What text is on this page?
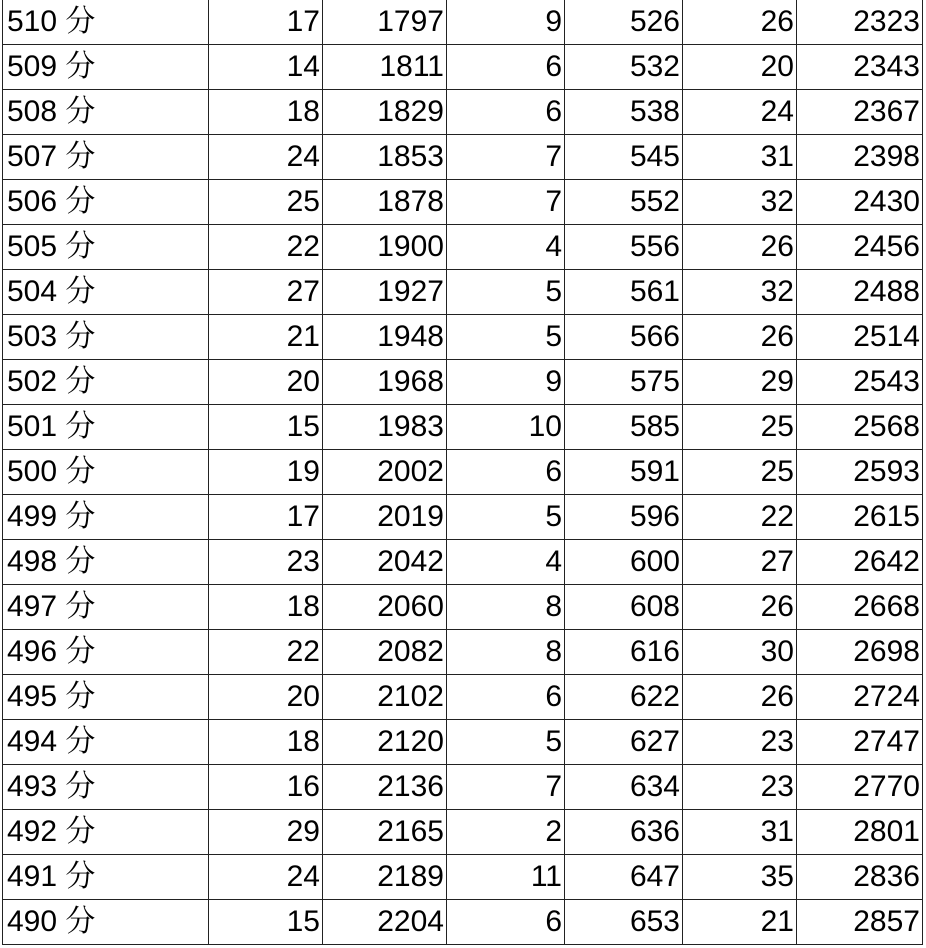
510 分	17	1797	9	526	26	2323
509 分	14	1811	6	532	20	2343
508 分	18	1829	6	538	24	2367
507 分	24	1853	7	545	31	2398
506 分	25	1878	7	552	32	2430
505 分	22	1900	4	556	26	2456
504 分	27	1927	5	561	32	2488
503 分	21	1948	5	566	26	2514
502 分	20	1968	9	575	29	2543
501 分	15	1983	10	585	25	2568
500 分	19	2002	6	591	25	2593
499 分	17	2019	5	596	22	2615
498 分	23	2042	4	600	27	2642
497 分	18	2060	8	608	26	2668
496 分	22	2082	8	616	30	2698
495 分	20	2102	6	622	26	2724
494 分	18	2120	5	627	23	2747
493 分	16	2136	7	634	23	2770
492 分	29	2165	2	636	31	2801
491 分	24	2189	11	647	35	2836
490 分	15	2204	6	653	21	2857
